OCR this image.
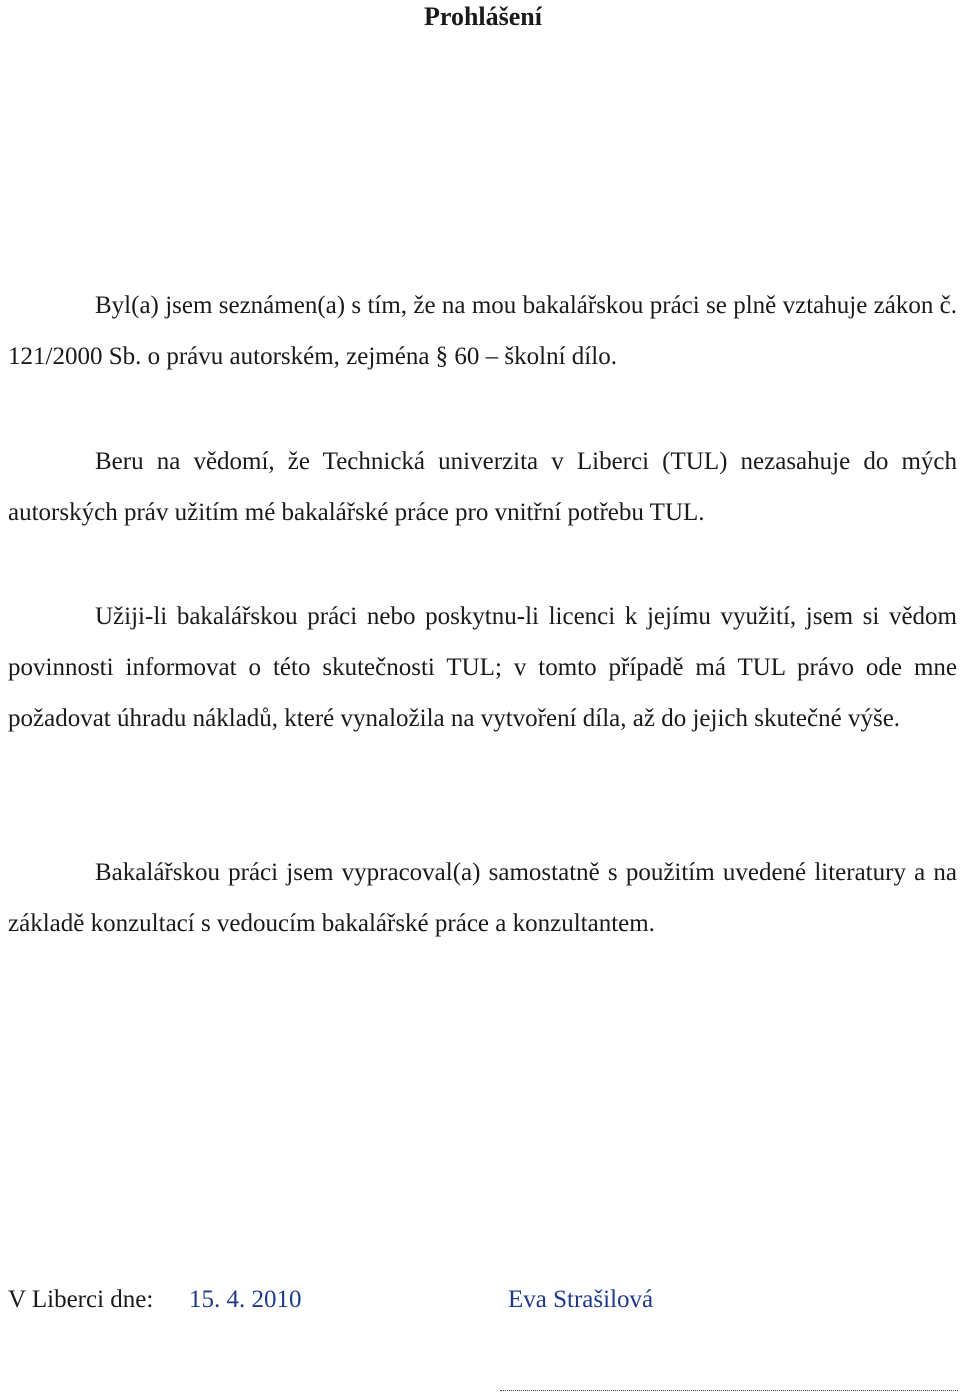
Prohlášení

Byl(a) jsem seznámen(a) s tím, že na mou bakalářskou práci se plně vztahuje zákon č. 121/2000 Sb. o právu autorském, zejména § 60 – školní dílo.

Beru na vědomí, že Technická univerzita v Liberci (TUL) nezasahuje do mých autorských práv užitím mé bakalářské práce pro vnitřní potřebu TUL.

Užiji-li bakalářskou práci nebo poskytnu-li licenci k jejímu využití, jsem si vědom povinnosti informovat o této skutečnosti TUL; v tomto případě má TUL právo ode mne požadovat úhradu nákladů, které vynaložila na vytvoření díla, až do jejich skutečné výše.

Bakalářskou práci jsem vypracoval(a) samostatně s použitím uvedené literatury a na základě konzultací s vedoucím bakalářské práce a konzultantem.

V Liberci dne: 15. 4. 2010	Eva Strašilová
